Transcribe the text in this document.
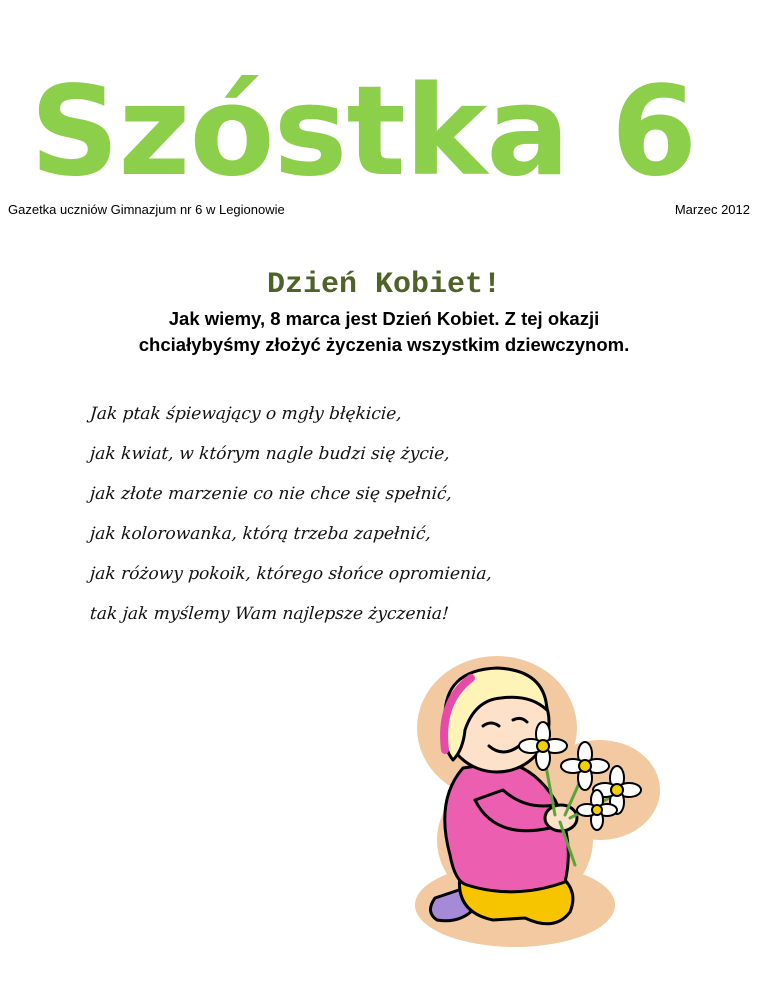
Szóstka 6
Gazetka uczniów Gimnazjum nr 6 w Legionowie	Marzec 2012
Dzień Kobiet!

Jak wiemy, 8 marca jest Dzień Kobiet. Z tej okazji
chciałybyśmy złożyć życzenia wszystkim dziewczynom.

Jak ptak śpiewający o mgły błękicie,
jak kwiat, w którym nagle budzi się życie,
jak złote marzenie co nie chce się spełnić,
jak kolorowanka, którą trzeba zapełnić,
jak różowy pokoik, którego słońce opromienia,
tak jak myślemy Wam najlepsze życzenia!
